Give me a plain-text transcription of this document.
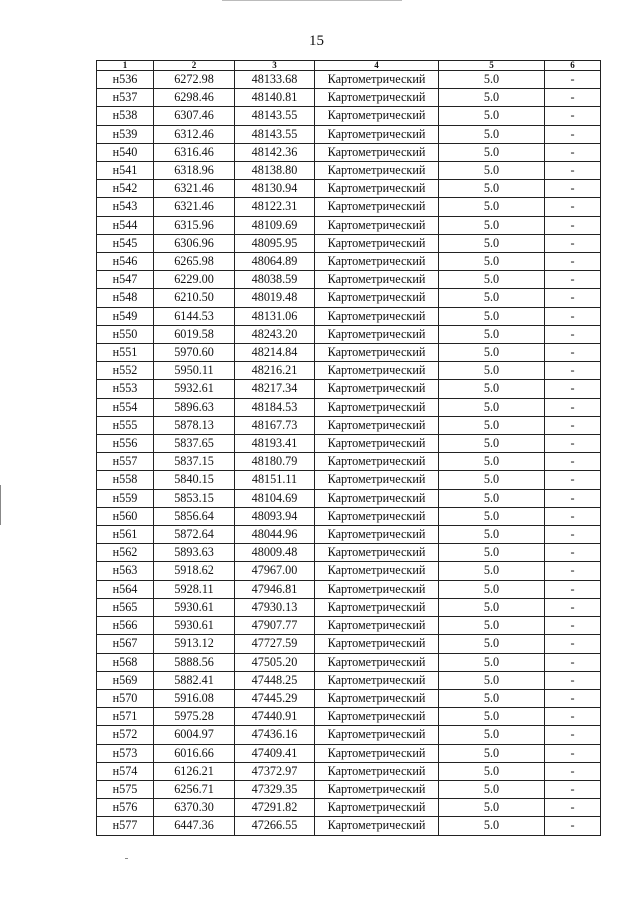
15
1	2	3	4	5	6
н536	6272.98	48133.68	Картометрический	5.0	-
н537	6298.46	48140.81	Картометрический	5.0	-
н538	6307.46	48143.55	Картометрический	5.0	-
н539	6312.46	48143.55	Картометрический	5.0	-
н540	6316.46	48142.36	Картометрический	5.0	-
н541	6318.96	48138.80	Картометрический	5.0	-
н542	6321.46	48130.94	Картометрический	5.0	-
н543	6321.46	48122.31	Картометрический	5.0	-
н544	6315.96	48109.69	Картометрический	5.0	-
н545	6306.96	48095.95	Картометрический	5.0	-
н546	6265.98	48064.89	Картометрический	5.0	-
н547	6229.00	48038.59	Картометрический	5.0	-
н548	6210.50	48019.48	Картометрический	5.0	-
н549	6144.53	48131.06	Картометрический	5.0	-
н550	6019.58	48243.20	Картометрический	5.0	-
н551	5970.60	48214.84	Картометрический	5.0	-
н552	5950.11	48216.21	Картометрический	5.0	-
н553	5932.61	48217.34	Картометрический	5.0	-
н554	5896.63	48184.53	Картометрический	5.0	-
н555	5878.13	48167.73	Картометрический	5.0	-
н556	5837.65	48193.41	Картометрический	5.0	-
н557	5837.15	48180.79	Картометрический	5.0	-
н558	5840.15	48151.11	Картометрический	5.0	-
н559	5853.15	48104.69	Картометрический	5.0	-
н560	5856.64	48093.94	Картометрический	5.0	-
н561	5872.64	48044.96	Картометрический	5.0	-
н562	5893.63	48009.48	Картометрический	5.0	-
н563	5918.62	47967.00	Картометрический	5.0	-
н564	5928.11	47946.81	Картометрический	5.0	-
н565	5930.61	47930.13	Картометрический	5.0	-
н566	5930.61	47907.77	Картометрический	5.0	-
н567	5913.12	47727.59	Картометрический	5.0	-
н568	5888.56	47505.20	Картометрический	5.0	-
н569	5882.41	47448.25	Картометрический	5.0	-
н570	5916.08	47445.29	Картометрический	5.0	-
н571	5975.28	47440.91	Картометрический	5.0	-
н572	6004.97	47436.16	Картометрический	5.0	-
н573	6016.66	47409.41	Картометрический	5.0	-
н574	6126.21	47372.97	Картометрический	5.0	-
н575	6256.71	47329.35	Картометрический	5.0	-
н576	6370.30	47291.82	Картометрический	5.0	-
н577	6447.36	47266.55	Картометрический	5.0	-
